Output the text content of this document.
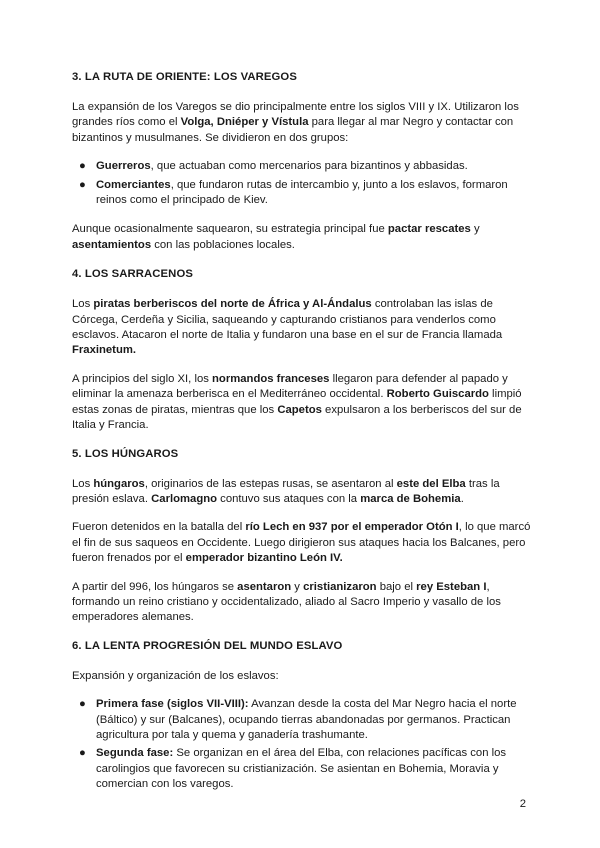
3. LA RUTA DE ORIENTE: LOS VAREGOS

La expansión de los Varegos se dio principalmente entre los siglos VIII y IX. Utilizaron los grandes ríos como el Volga, Dniéper y Vístula para llegar al mar Negro y contactar con bizantinos y musulmanes. Se dividieron en dos grupos:

● Guerreros, que actuaban como mercenarios para bizantinos y abbasidas.
● Comerciantes, que fundaron rutas de intercambio y, junto a los eslavos, formaron reinos como el principado de Kiev.

Aunque ocasionalmente saquearon, su estrategia principal fue pactar rescates y asentamientos con las poblaciones locales.

4. LOS SARRACENOS

Los piratas berberiscos del norte de África y Al-Ándalus controlaban las islas de Córcega, Cerdeña y Sicilia, saqueando y capturando cristianos para venderlos como esclavos. Atacaron el norte de Italia y fundaron una base en el sur de Francia llamada Fraxinetum.

A principios del siglo XI, los normandos franceses llegaron para defender al papado y eliminar la amenaza berberisca en el Mediterráneo occidental. Roberto Guiscardo limpió estas zonas de piratas, mientras que los Capetos expulsaron a los berberiscos del sur de Italia y Francia.

5. LOS HÚNGAROS

Los húngaros, originarios de las estepas rusas, se asentaron al este del Elba tras la presión eslava. Carlomagno contuvo sus ataques con la marca de Bohemia.

Fueron detenidos en la batalla del río Lech en 937 por el emperador Otón I, lo que marcó el fin de sus saqueos en Occidente. Luego dirigieron sus ataques hacia los Balcanes, pero fueron frenados por el emperador bizantino León IV.

A partir del 996, los húngaros se asentaron y cristianizaron bajo el rey Esteban I, formando un reino cristiano y occidentalizado, aliado al Sacro Imperio y vasallo de los emperadores alemanes.

6. LA LENTA PROGRESIÓN DEL MUNDO ESLAVO

Expansión y organización de los eslavos:

● Primera fase (siglos VII-VIII): Avanzan desde la costa del Mar Negro hacia el norte (Báltico) y sur (Balcanes), ocupando tierras abandonadas por germanos. Practican agricultura por tala y quema y ganadería trashumante.
● Segunda fase: Se organizan en el área del Elba, con relaciones pacíficas con los carolingios que favorecen su cristianización. Se asientan en Bohemia, Moravia y comercian con los varegos.
2
